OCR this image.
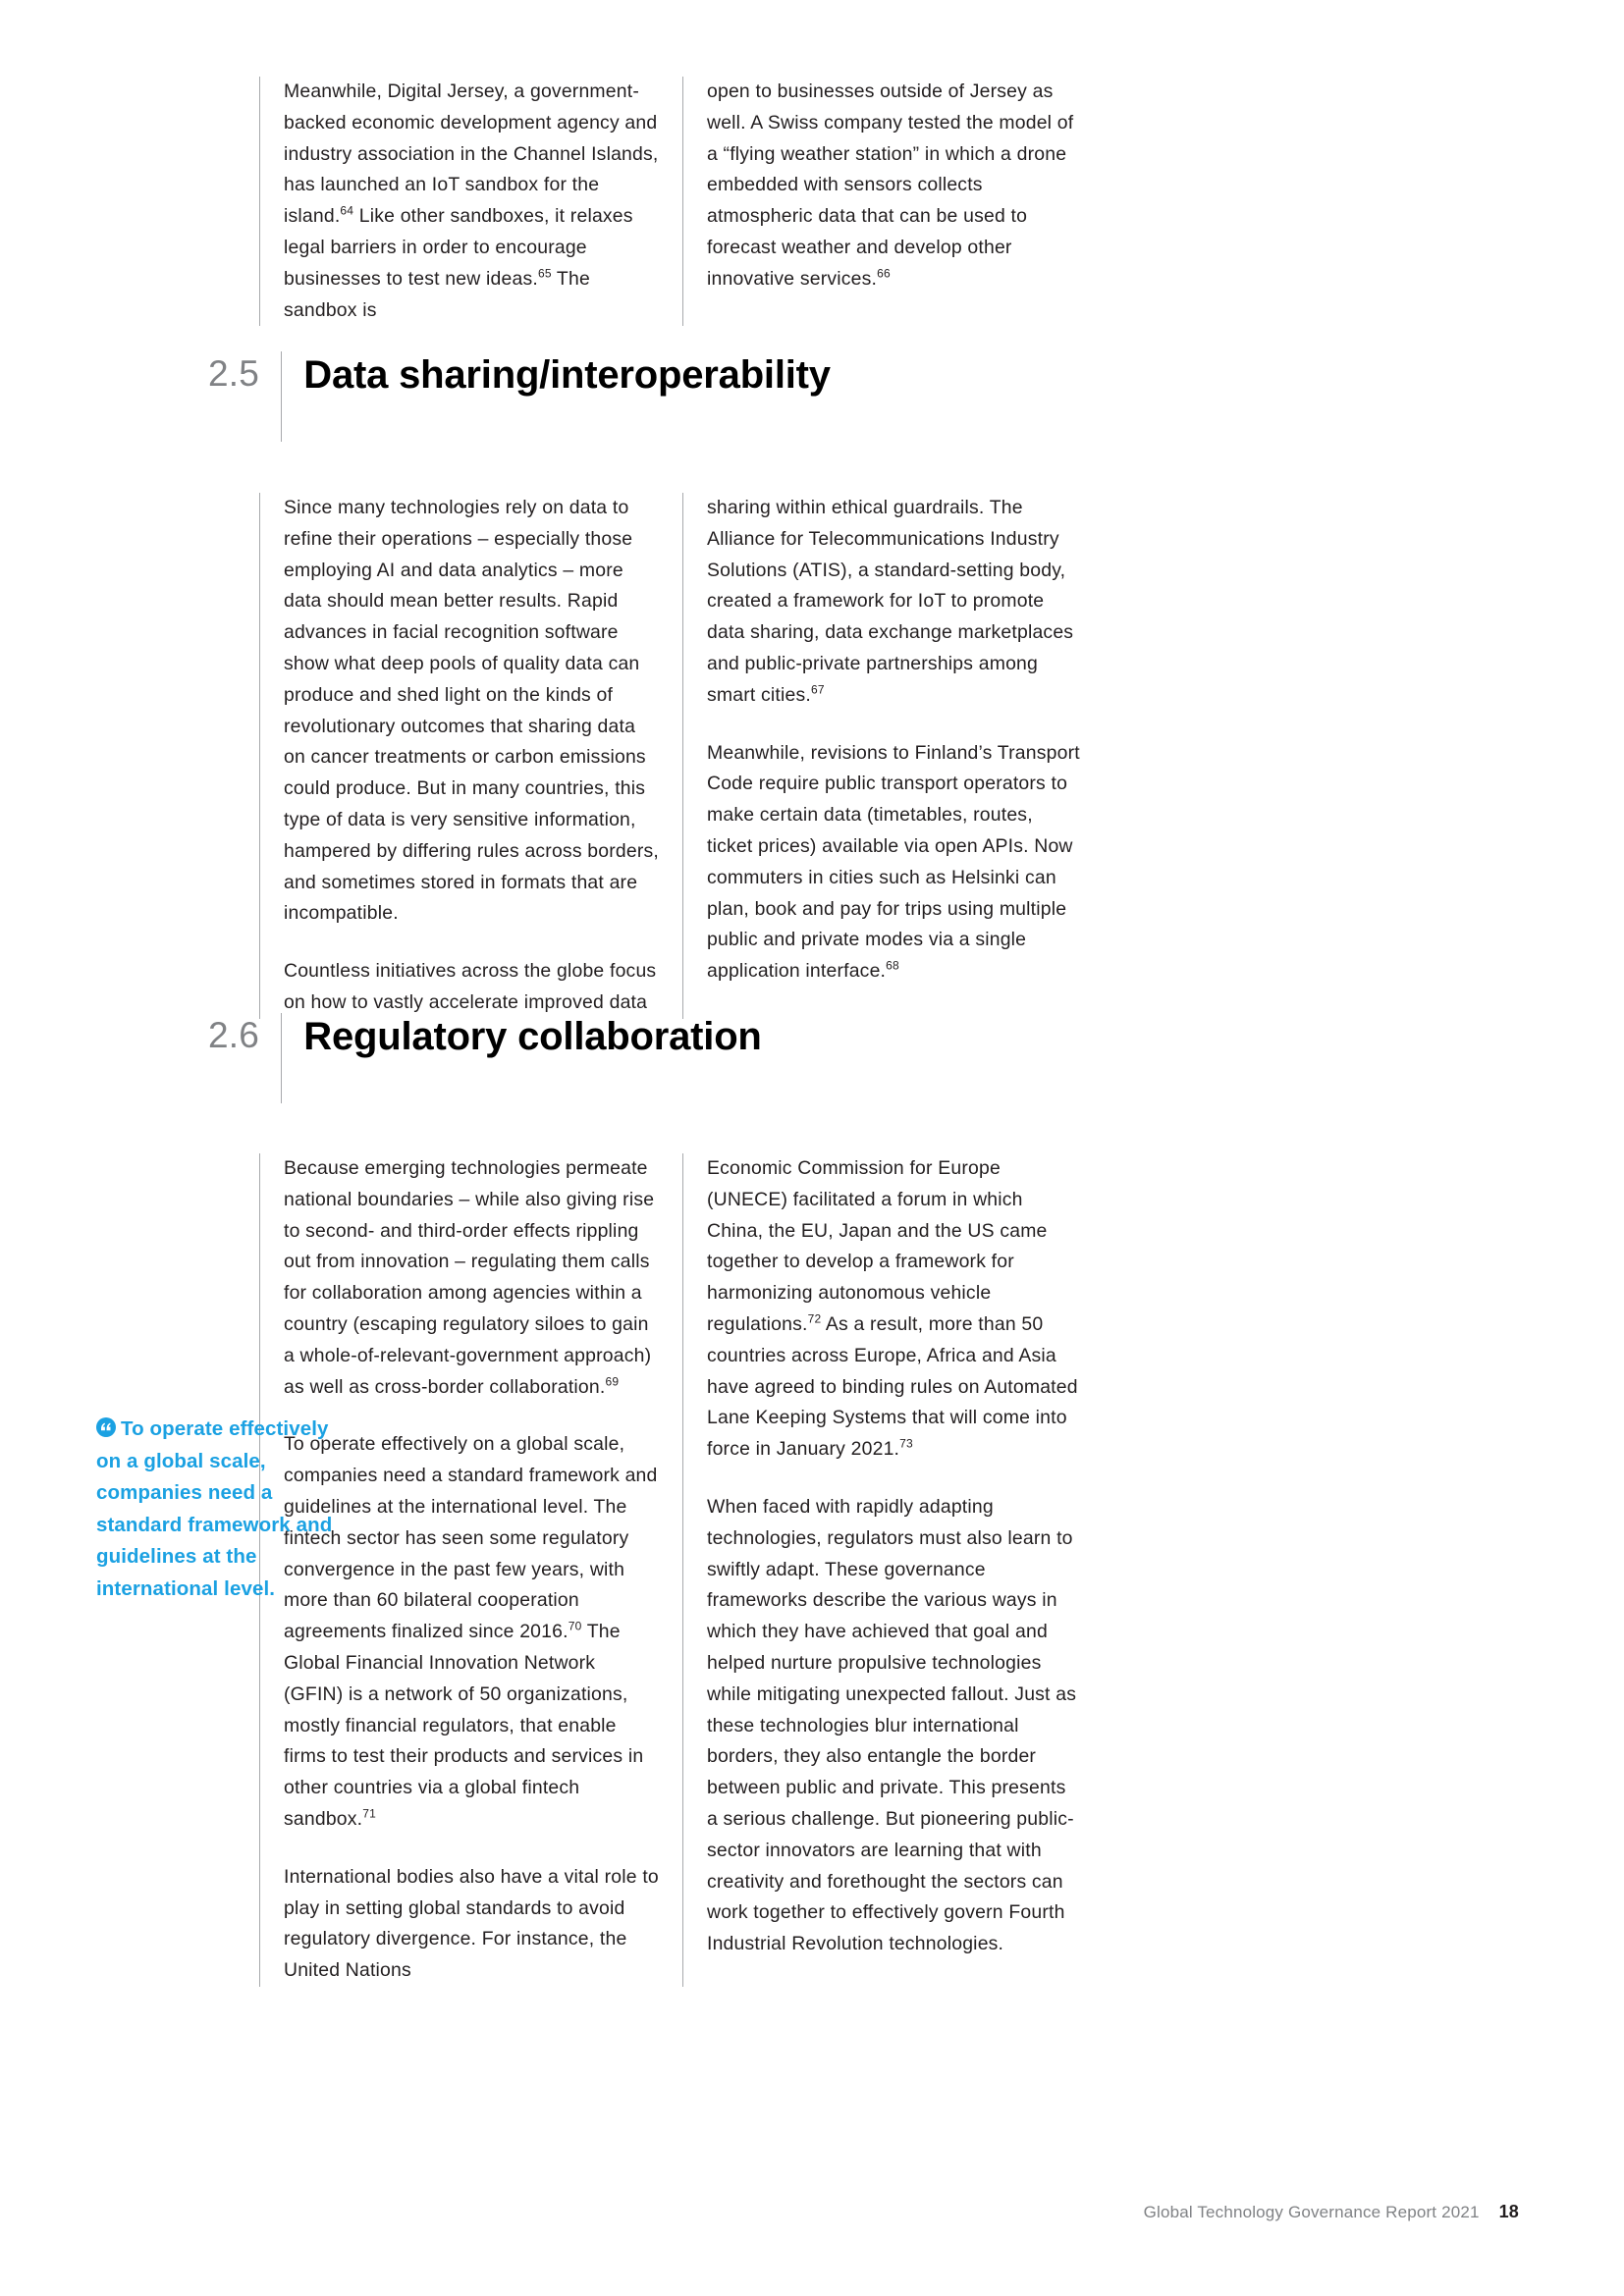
Meanwhile, Digital Jersey, a government-backed economic development agency and industry association in the Channel Islands, has launched an IoT sandbox for the island.$^{64}$ Like other sandboxes, it relaxes legal barriers in order to encourage businesses to test new ideas.$^{65}$ The sandbox is

open to businesses outside of Jersey as well. A Swiss company tested the model of a “flying weather station” in which a drone embedded with sensors collects atmospheric data that can be used to forecast weather and develop other innovative services.$^{66}$

2.5	Data sharing/interoperability

Since many technologies rely on data to refine their operations – especially those employing AI and data analytics – more data should mean better results. Rapid advances in facial recognition software show what deep pools of quality data can produce and shed light on the kinds of revolutionary outcomes that sharing data on cancer treatments or carbon emissions could produce. But in many countries, this type of data is very sensitive information, hampered by differing rules across borders, and sometimes stored in formats that are incompatible.

Countless initiatives across the globe focus on how to vastly accelerate improved data

sharing within ethical guardrails. The Alliance for Telecommunications Industry Solutions (ATIS), a standard-setting body, created a framework for IoT to promote data sharing, data exchange marketplaces and public-private partnerships among smart cities.$^{67}$

Meanwhile, revisions to Finland’s Transport Code require public transport operators to make certain data (timetables, routes, ticket prices) available via open APIs. Now commuters in cities such as Helsinki can plan, book and pay for trips using multiple public and private modes via a single application interface.$^{68}$

2.6	Regulatory collaboration

Because emerging technologies permeate national boundaries – while also giving rise to second- and third-order effects rippling out from innovation – regulating them calls for collaboration among agencies within a country (escaping regulatory siloes to gain a whole-of-relevant-government approach) as well as cross-border collaboration.$^{69}$

To operate effectively on a global scale, companies need a standard framework and guidelines at the international level. The fintech sector has seen some regulatory convergence in the past few years, with more than 60 bilateral cooperation agreements finalized since 2016.70 The Global Financial Innovation Network (GFIN) is a network of 50 organizations, mostly financial regulators, that enable firms to test their products and services in other countries via a global fintech sandbox.$^{71}$

International bodies also have a vital role to play in setting global standards to avoid regulatory divergence. For instance, the United Nations

Economic Commission for Europe (UNECE) facilitated a forum in which China, the EU, Japan and the US came together to develop a framework for harmonizing autonomous vehicle regulations.$^{72}$ As a result, more than 50 countries across Europe, Africa and Asia have agreed to binding rules on Automated Lane Keeping Systems that will come into force in January 2021.73

When faced with rapidly adapting technologies, regulators must also learn to swiftly adapt. These governance frameworks describe the various ways in which they have achieved that goal and helped nurture propulsive technologies while mitigating unexpected fallout. Just as these technologies blur international borders, they also entangle the border between public and private. This presents a serious challenge. But pioneering public-sector innovators are learning that with creativity and forethought the sectors can work together to effectively govern Fourth Industrial Revolution technologies.

To operate effectively on a global scale, companies need a standard framework and guidelines at the international level.
Global Technology Governance Report 2021 18
